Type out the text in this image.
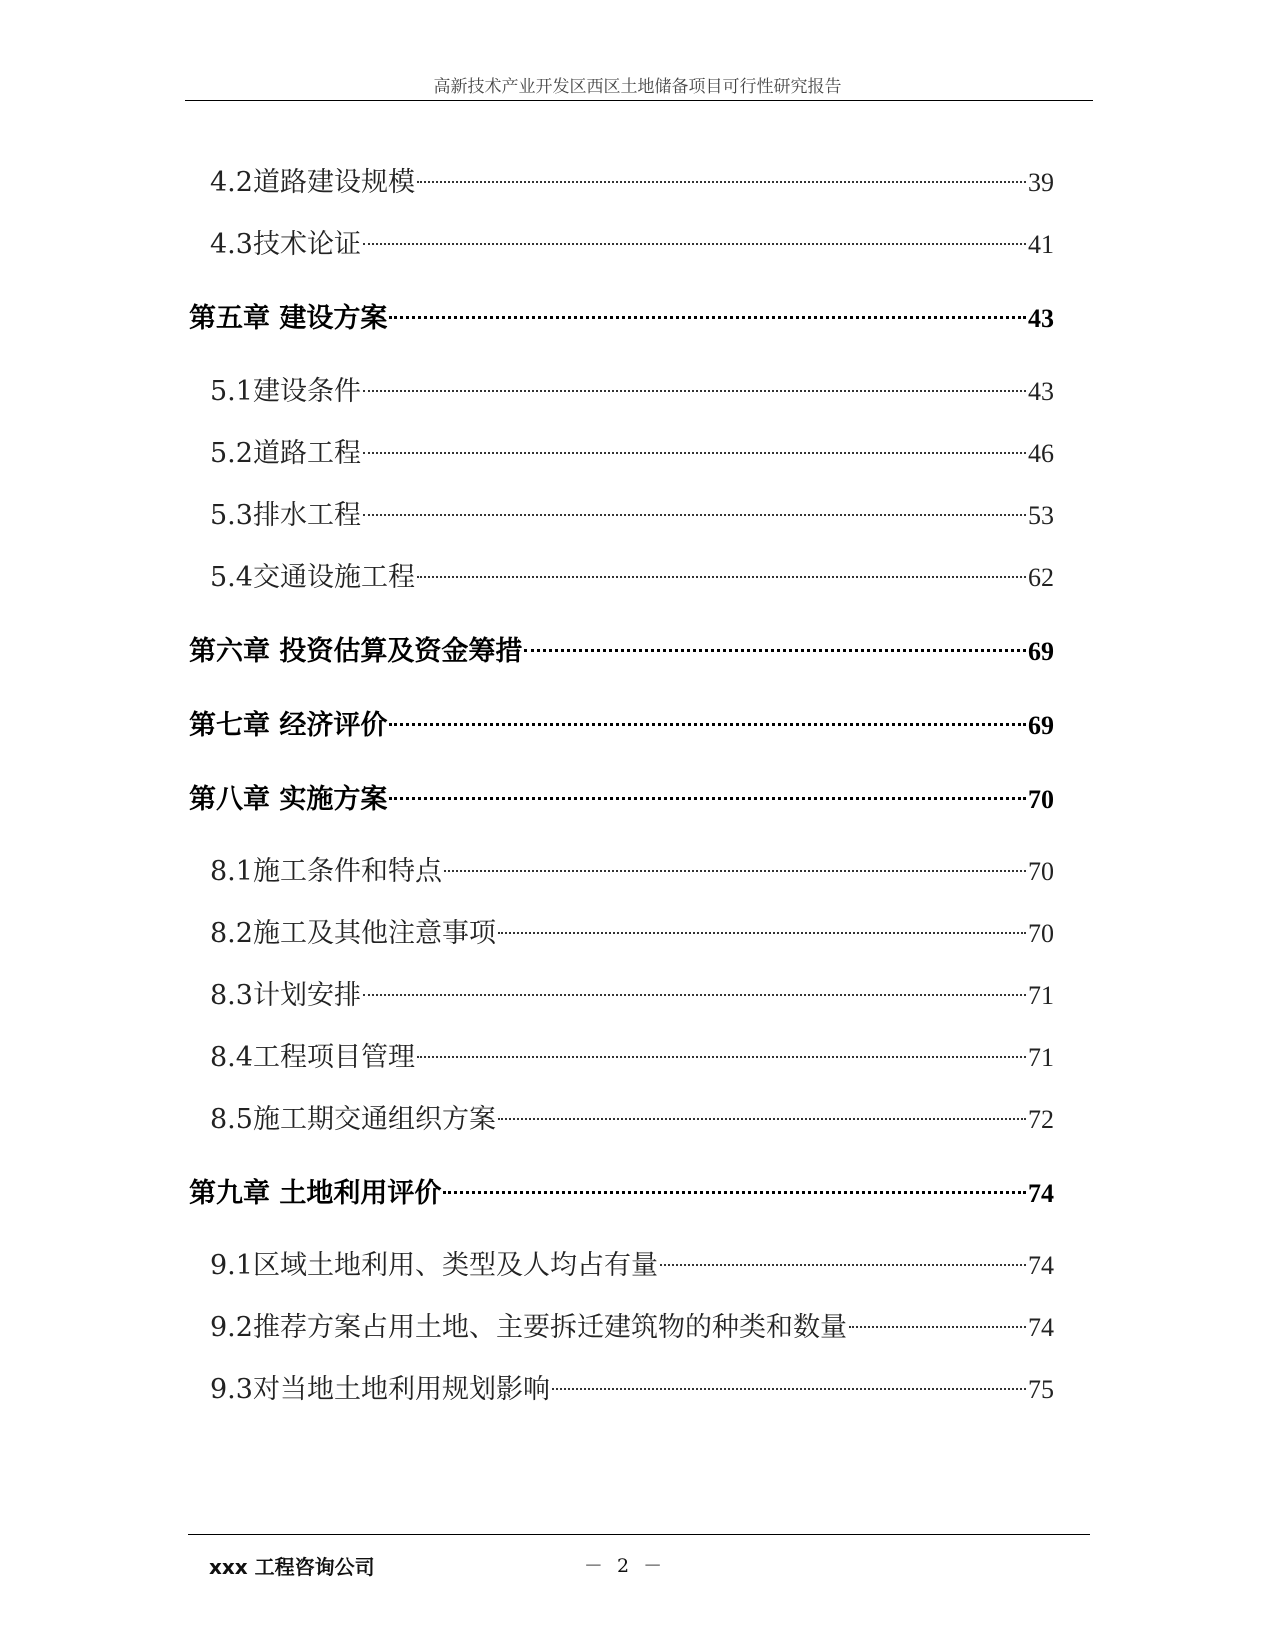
高新技术产业开发区西区土地储备项目可行性研究报告
4.2道路建设规模	39
4.3技术论证	41
第五章 建设方案	43
5.1建设条件	43
5.2道路工程	46
5.3排水工程	53
5.4交通设施工程	62
第六章 投资估算及资金筹措	69
第七章 经济评价	69
第八章 实施方案	70
8.1施工条件和特点	70
8.2施工及其他注意事项	70
8.3计划安排	71
8.4工程项目管理	71
8.5施工期交通组织方案	72
第九章 土地利用评价	74
9.1区域土地利用、类型及人均占有量	74
9.2推荐方案占用土地、主要拆迁建筑物的种类和数量	74
9.3对当地土地利用规划影响	75
xxx 工程咨询公司	－ 2 －
